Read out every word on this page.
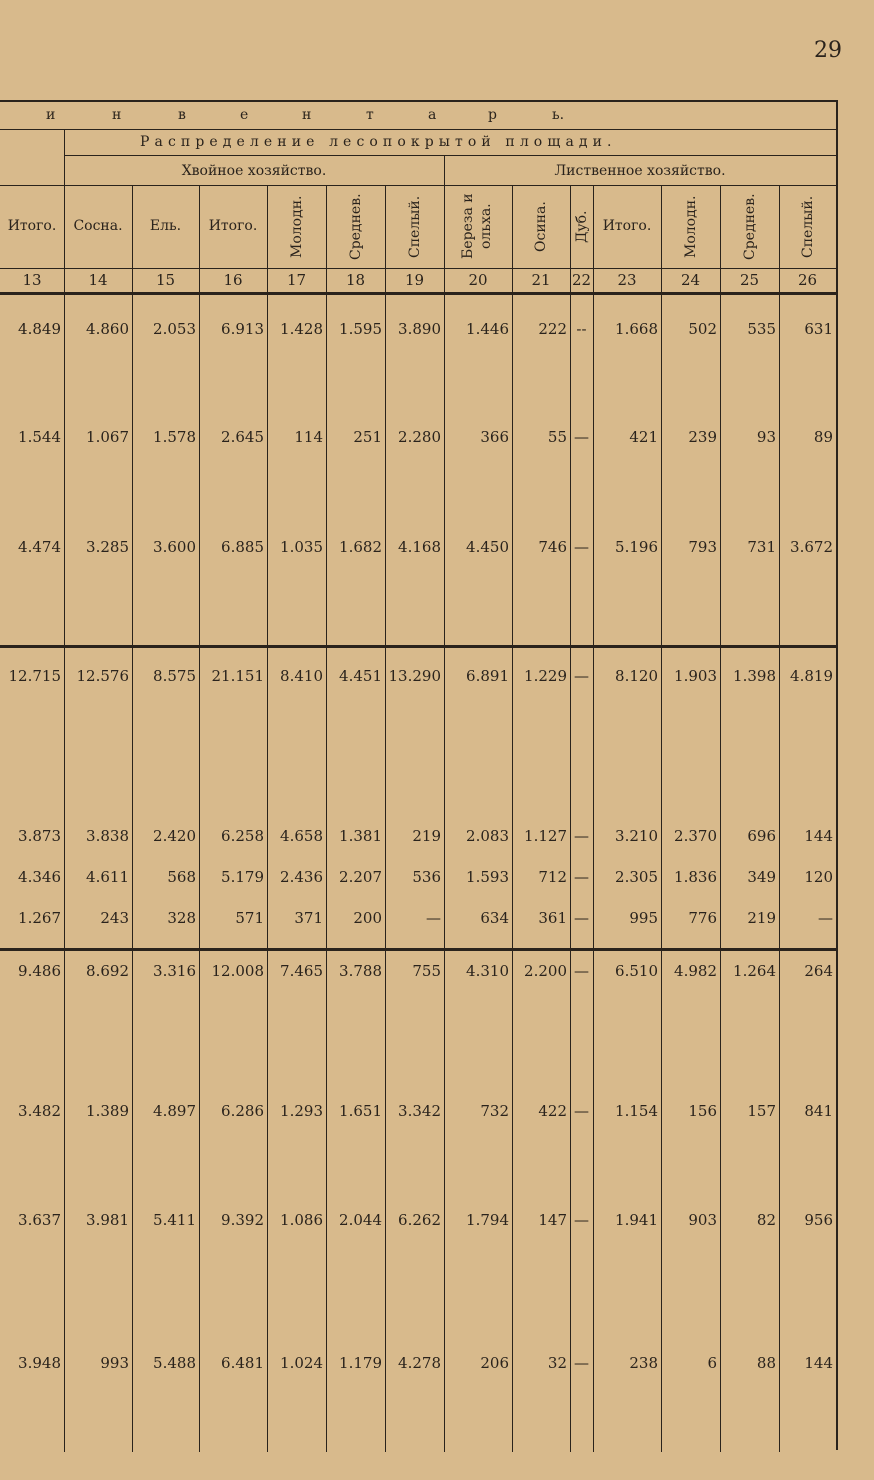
29
и	н	в	е	н	т	а	р	ь.
Распределение лесопокрытой площади.
Хвойное хозяйство.	Лиственное хозяйство.
Итого.
13
Сосна.
14
Ель.
15
Итого.
16
Молодн.
17
Среднев.
18
Спелый.
19
Береза и ольха.
20
Осина.
21
Дуб.
22
Итого.
23
Молодн.
24
Среднев.
25
Спелый.
26
4.849	4.860	2.053	6.913	1.428	1.595	3.890	1.446	222 --	1.668	502	535	631
1.544	1.067	1.578	2.645	114	251	2.280	366	55 —	421	239	93	89
4.474	3.285	3.600	6.885	1.035	1.682	4.168	4.450	746 —	5.196	793	731 3.672
12.715	12.576	8.575	21.151	8.410	4.451 13.290	6.891	1.229 —	8.120	1.903	1.398 4.819
3.873	3.838	2.420	6.258	4.658	1.381	219	2.083	1.127 —	3.210	2.370	696	144
4.346	4.611	568	5.179	2.436	2.207	536	1.593	712 —	2.305	1.836	349	120
1.267	243	328	571	371	200	—	634	361 —	995	776	219	—
9.486	8.692	3.316	12.008	7.465	3.788	755	4.310	2.200 —	6.510	4.982	1.264	264
3.482	1.389	4.897	6.286	1.293	1.651	3.342	732	422 —	1.154	156	157	841
3.637	3.981	5.411	9.392	1.086	2.044	6.262	1.794	147 —	1.941	903	82	956
3.948	993	5.488	6.481	1.024	1.179	4.278	206	32 —	238	6	88	144
